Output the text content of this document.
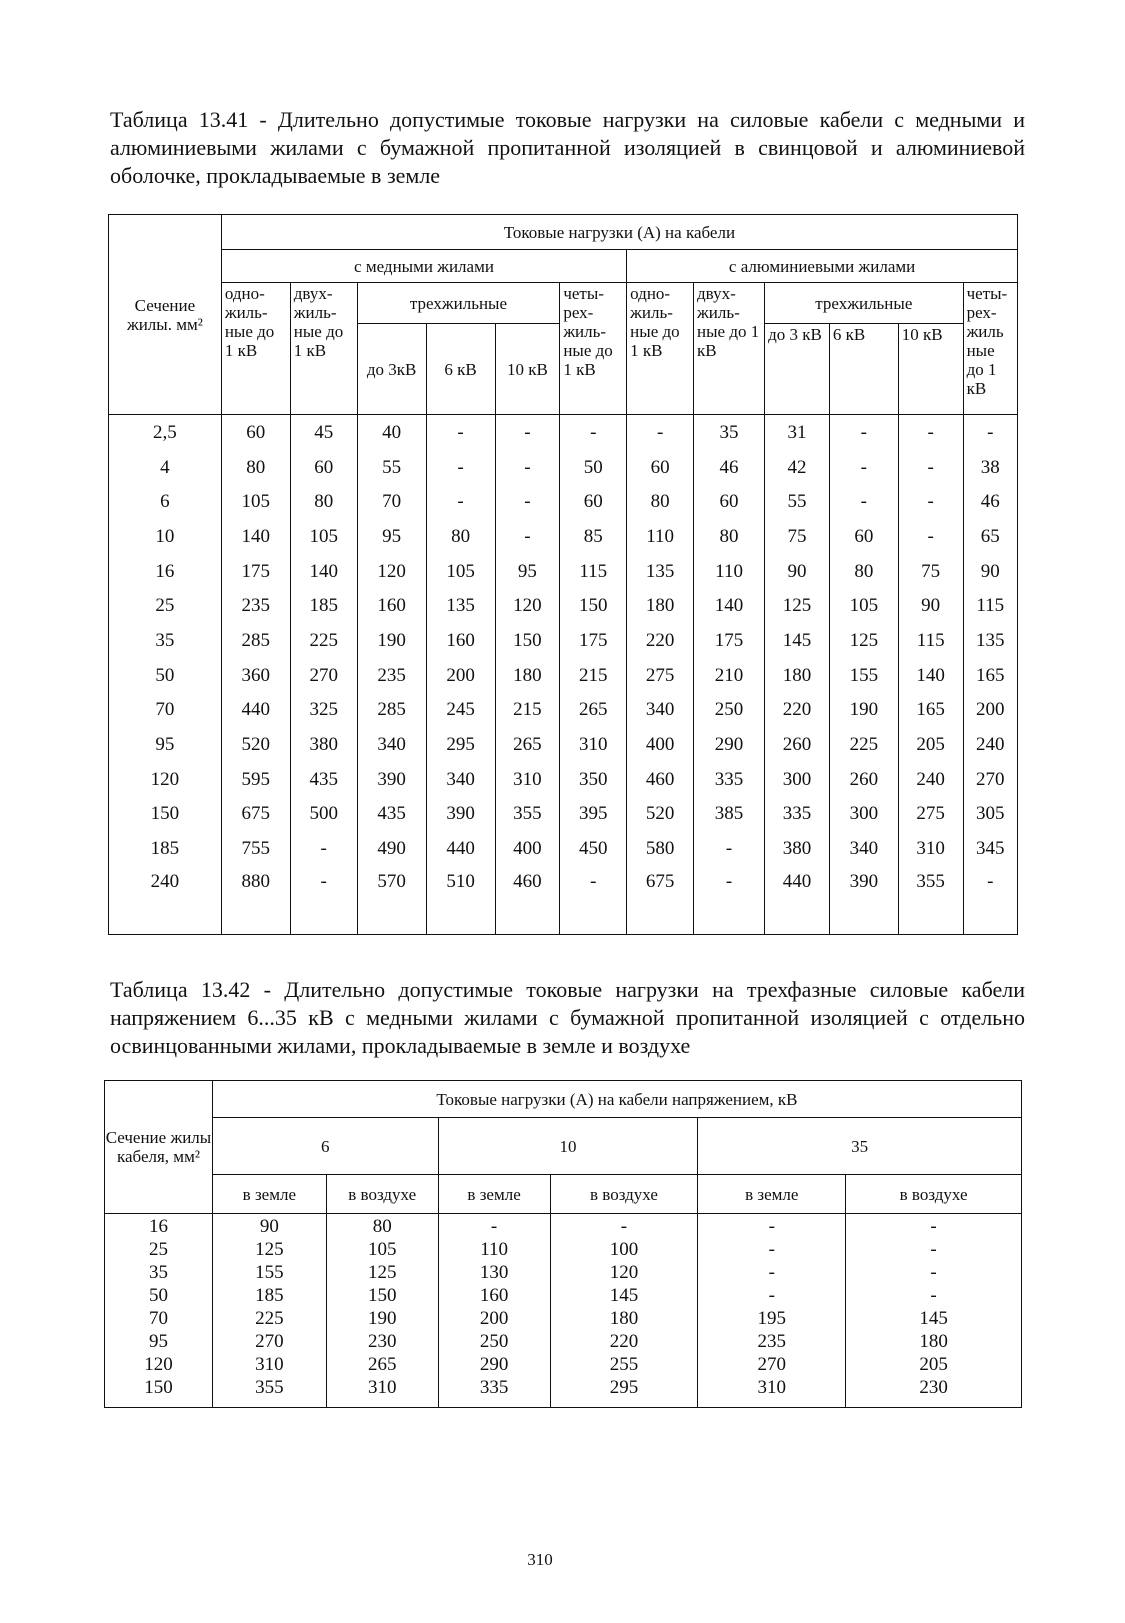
Таблица 13.41 - Длительно допустимые токовые нагрузки на силовые кабели с медными и алюминиевыми жилами с бумажной пропитанной изоляцией в свинцовой и алюминиевой оболочке, прокладываемые в земле
Сечение жилы. мм²	Токовые нагрузки (А) на кабели											
	с медными жилами						с алюминиевыми жилами					
	одно-жиль-ные до 1 кВ	двух-жиль-ные до 1 кВ	трехжильные			четы-рех-жиль-ные до 1 кВ	одно-жиль-ные до 1 кВ	двух-жиль-ные до 1 кВ	трехжильные			четы-рех-жиль ные до 1 кВ
			до 3кВ	6 кВ	10 кВ				до 3 кВ	6 кВ	10 кВ	
2,5	60	45	40	-	-	-	-	35	31	-	-	-
4	80	60	55	-	-	50	60	46	42	-	-	38
6	105	80	70	-	-	60	80	60	55	-	-	46
10	140	105	95	80	-	85	110	80	75	60	-	65
16	175	140	120	105	95	115	135	110	90	80	75	90
25	235	185	160	135	120	150	180	140	125	105	90	115
35	285	225	190	160	150	175	220	175	145	125	115	135
50	360	270	235	200	180	215	275	210	180	155	140	165
70	440	325	285	245	215	265	340	250	220	190	165	200
95	520	380	340	295	265	310	400	290	260	225	205	240
120	595	435	390	340	310	350	460	335	300	260	240	270
150	675	500	435	390	355	395	520	385	335	300	275	305
185	755	-	490	440	400	450	580	-	380	340	310	345
240	880	-	570	510	460	-	675	-	440	390	355	-
Таблица 13.42 - Длительно допустимые токовые нагрузки на трехфазные силовые кабели напряжением 6...35 кВ с медными жилами с бумажной пропитанной изоляцией с отдельно освинцованными жилами, прокладываемые в земле и воздухе
Сечение жилы кабеля, мм²	Токовые нагрузки (А) на кабели напряжением, кВ					
	6		10		35	
	в земле	в воздухе	в земле	в воздухе	в земле	в воздухе
16	90	80	-	-	-	-
25	125	105	110	100	-	-
35	155	125	130	120	-	-
50	185	150	160	145	-	-
70	225	190	200	180	195	145
95	270	230	250	220	235	180
120	310	265	290	255	270	205
150	355	310	335	295	310	230
310
